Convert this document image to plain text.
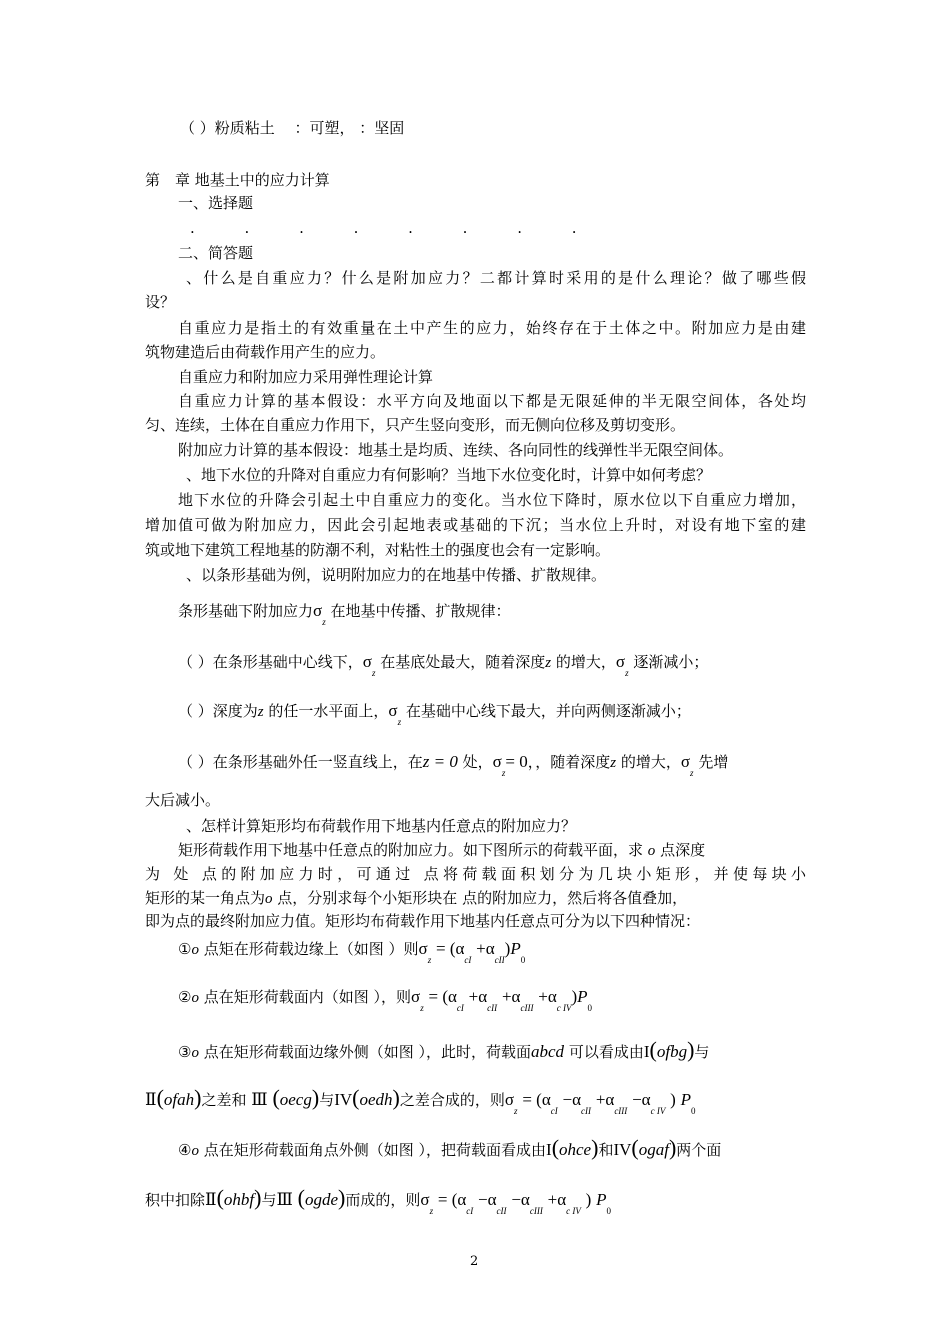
（ ）粉质粘土　 ：可塑， ：坚固
第　章 地基土中的应力计算
一、选择题
.　　　 .　　　 .　　　 .　　　 .　　　 .　　　 .　　　 .
二、简答题
、什么是自重应力？什么是附加应力？二都计算时采用的是什么理论？做了哪些假
设？
自重应力是指土的有效重量在土中产生的应力，始终存在于土体之中。附加应力是由建
筑物建造后由荷载作用产生的应力。
自重应力和附加应力采用弹性理论计算
自重应力计算的基本假设：水平方向及地面以下都是无限延伸的半无限空间体，各处均
匀、连续，土体在自重应力作用下，只产生竖向变形，而无侧向位移及剪切变形。
附加应力计算的基本假设：地基土是均质、连续、各向同性的线弹性半无限空间体。
、地下水位的升降对自重应力有何影响？当地下水位变化时，计算中如何考虑？
地下水位的升降会引起土中自重应力的变化。当水位下降时，原水位以下自重应力增加，
增加值可做为附加应力，因此会引起地表或基础的下沉；当水位上升时，对设有地下室的建
筑或地下建筑工程地基的防潮不利，对粘性土的强度也会有一定影响。
、以条形基础为例，说明附加应力的在地基中传播、扩散规律。
条形基础下附加应力$\sigma_z$ 在地基中传播、扩散规律：
（ ）在条形基础中心线下，$\sigma_z$ 在基底处最大，随着深度z 的增大，$\sigma_z$ 逐渐减小；
（ ）深度为z 的任一水平面上，$\sigma_z$ 在基础中心线下最大，并向两侧逐渐减小；
（ ）在条形基础外任一竖直线上，在z = 0 处，$\sigma_z= 0$，，随着深度z 的增大，$\sigma_z$ 先增
大后减小。
、怎样计算矩形均布荷载作用下地基内任意点的附加应力？
矩形荷载作用下地基中任意点的附加应力。如下图所示的荷载平面，求 o 点深度
为 处 点的附加应力时，可通过 点将荷载面积划分为几块小矩形，并使每块小
矩形的某一角点为o 点，分别求每个小矩形块在 点的附加应力，然后将各值叠加，
即为点的最终附加应力值。矩形均布荷载作用下地基内任意点可分为以下四种情况：
①o 点矩在形荷载边缘上（如图 ）则$\sigma_z = (\alpha_{cI} +\alpha_{cII})P_0$
②o 点在矩形荷载面内（如图 ），则$\sigma_z = (\alpha_{cI} +\alpha_{cII} +\alpha_{cIII} +\alpha_{c IV})P_0$
③o 点在矩形荷载面边缘外侧（如图 ），此时，荷载面abcd 可以看成由I(ofbg)与
Ⅱ(ofah)之差和 Ⅲ (oecg)与IV(oedh)之差合成的，则$\sigma_z = (\alpha_{cI} -\alpha_{cII} +\alpha_{cIII} -\alpha_{c IV}$ ) $P_0$
④o 点在矩形荷载面角点外侧（如图 ），把荷载面看成由I(ohce)和IV(ogaf)两个面
积中扣除Ⅱ(ohbf)与Ⅲ (ogde)而成的，则$\sigma_z = (\alpha_{cI} -\alpha_{cII} -\alpha_{cIII} +\alpha_{c IV}$ ) $P_0$
2
